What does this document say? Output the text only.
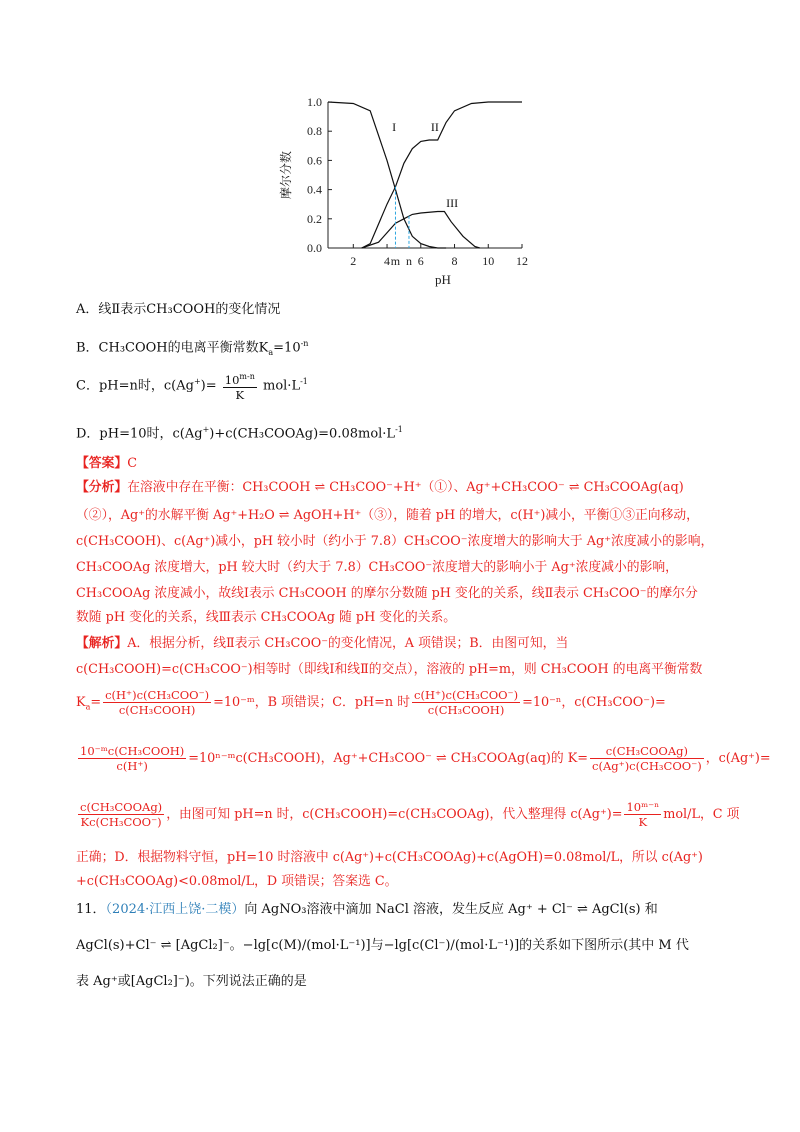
0.0
0.2
0.4
0.6
0.8
1.0
2 4 6 8 10 12
pH
摩尔分数
I	II
III
m n
A．线Ⅱ表示CH₃COOH的变化情况
B．CH₃COOH的电离平衡常数$K_a=10^{-n}$
C．pH=n时，$c(Ag^+)= \frac{10^{m-n}}{K} mol\cdot L^{-1}$
D．pH=10时，$c(Ag^+)+c(CH_3COOAg)=0.08mol\cdot L^{-1}$
【答案】C
【分析】在溶液中存在平衡：CH₃COOH ⇌ CH₃COO⁻+H⁺（①）、Ag⁺+CH₃COO⁻ ⇌ CH₃COOAg(aq)
（②），Ag⁺的水解平衡 Ag⁺+H₂O ⇌ AgOH+H⁺（③），随着 pH 的增大，c(H⁺)减小，平衡①③正向移动，
c(CH₃COOH)、c(Ag⁺)减小，pH 较小时（约小于 7.8）CH₃COO⁻浓度增大的影响大于 Ag⁺浓度减小的影响，
CH₃COOAg 浓度增大，pH 较大时（约大于 7.8）CH₃COO⁻浓度增大的影响小于 Ag⁺浓度减小的影响，
CH₃COOAg 浓度减小，故线Ⅰ表示 CH₃COOH 的摩尔分数随 pH 变化的关系，线Ⅱ表示 CH₃COO⁻的摩尔分
数随 pH 变化的关系，线Ⅲ表示 CH₃COOAg 随 pH 变化的关系。
【解析】A．根据分析，线Ⅱ表示 CH₃COO⁻的变化情况，A 项错误；B．由图可知，当
c(CH₃COOH)=c(CH₃COO⁻)相等时（即线Ⅰ和线Ⅱ的交点），溶液的 pH=m，则 CH₃COOH 的电离平衡常数
$K_a= \frac{\text{c(H⁺)c(CH₃COO⁻)}}{\text{c(CH₃COOH)}}$ =10⁻ᵐ，B 项错误；C．pH=n 时 $\frac{\text{c(H⁺)c(CH₃COO⁻)}}{\text{c(CH₃COOH)}} =10^{-n}$，c(CH₃COO⁻)=
$\frac{\text{10⁻ᵐc(CH₃COOH)}}{c(H^+)}$ =10ⁿ⁻ᵐc(CH₃COOH)，Ag⁺+CH₃COO⁻ ⇌ CH₃COOAg(aq)的 $K= \frac{\text{c(CH₃COOAg)}}{\text{c(Ag⁺)c(CH₃COO⁻)}}$ ，c(Ag⁺)=
$\frac{\text{c(CH₃COOAg)}}{\text{Kc(CH₃COO⁻)}}$ ，由图可知 pH=n 时，c(CH₃COOH)=c(CH₃COOAg)，代入整理得 $c(Ag^+)= \frac{\text{10ᵐ⁻ⁿ}}{K} mol/L$，C 项
正确；D．根据物料守恒，pH=10 时溶液中 c(Ag⁺)+c(CH₃COOAg)+c(AgOH)=0.08mol/L，所以 c(Ag⁺)
+c(CH₃COOAg)<0.08mol/L，D 项错误；答案选 C。
11．（2024·江西上饶·二模）向 AgNO₃溶液中滴加 NaCl 溶液，发生反应 Ag⁺ + Cl⁻ ⇌ AgCl(s) 和
AgCl(s)+Cl⁻ ⇌ [AgCl₂]⁻。−lg[c(M)/(mol·L⁻¹)]与−lg[c(Cl⁻)/(mol·L⁻¹)]的关系如下图所示(其中 M 代
表 Ag⁺或[AgCl₂]⁻)。下列说法正确的是
